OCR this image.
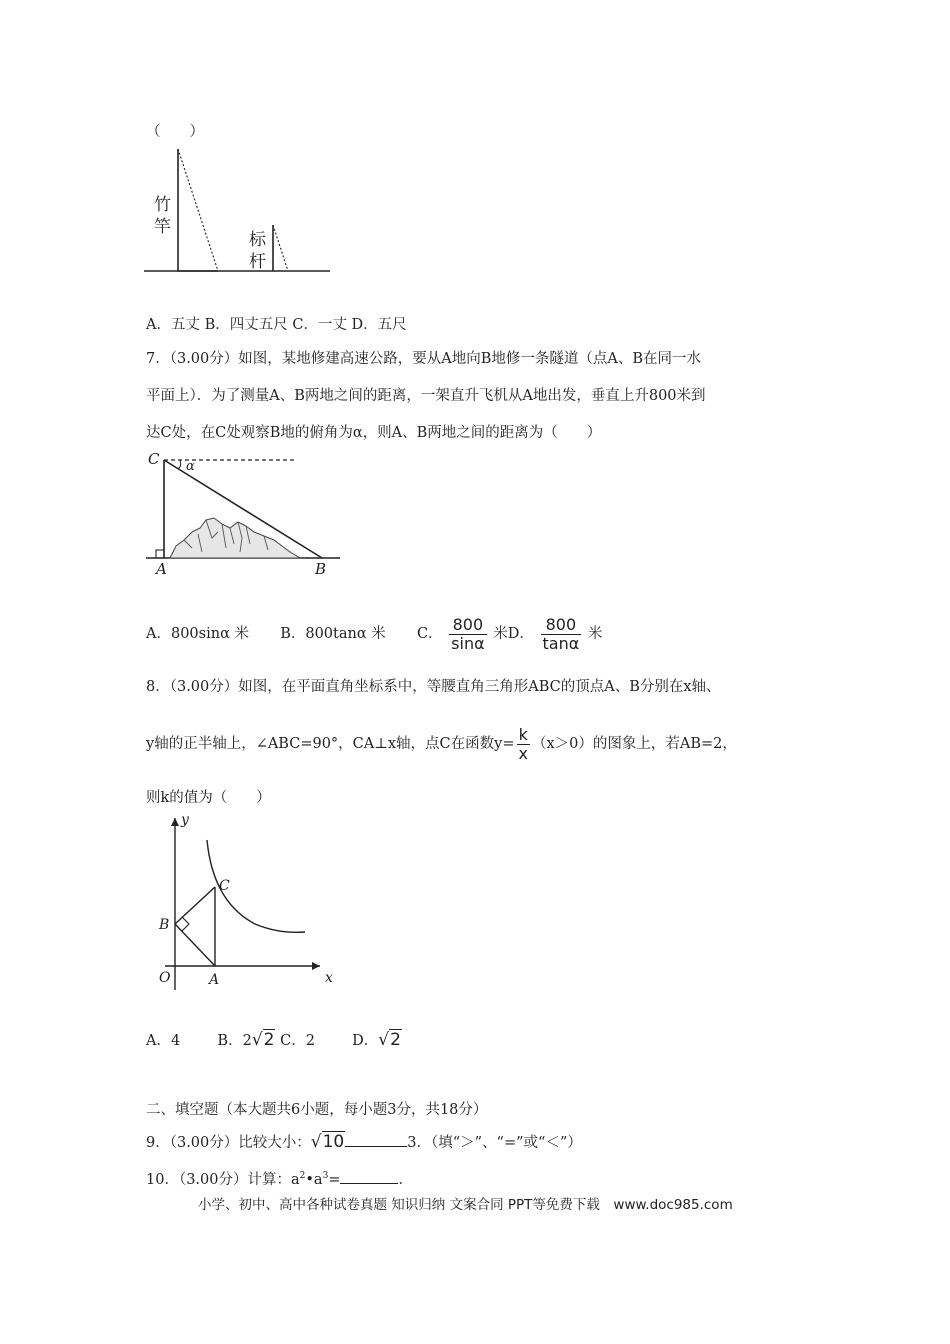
（　　）
竹竿
标杆
A．五丈 B．四丈五尺 C．一丈 D．五尺
7．（3.00分）如图，某地修建高速公路，要从A地向B地修一条隧道（点A、B在同一水
平面上）．为了测量A、B两地之间的距离，一架直升飞机从A地出发，垂直上升800米到
达C处，在C处观察B地的俯角为α，则A、B两地之间的距离为（　　）
C α
A	B
A．800sinα 米 B．800tanα 米 C． $\frac{800}{\sin\alpha}$ 米D． $\frac{800}{\tan\alpha}$ 米
8．（3.00分）如图，在平面直角坐标系中，等腰直角三角形ABC的顶点A、B分别在x轴、
y轴的正半轴上，∠ABC=90°，CA⊥x轴，点C在函数$y= \frac{k}{x} (x>0)$的图象上，若AB=2，
则k的值为（　　）
y
x
O	A
B
C
A．4	B．2√2 C．2	D．√2
二、填空题（本大题共6小题，每小题3分，共18分）
9．（3.00分）比较大小：√10	3．（填“＞”、“=”或“＜”）
10．（3.00分）计算：$a^2•a^3=$	．
小学、初中、高中各种试卷真题 知识归纳 文案合同 PPT等免费下载　www.doc985.com
